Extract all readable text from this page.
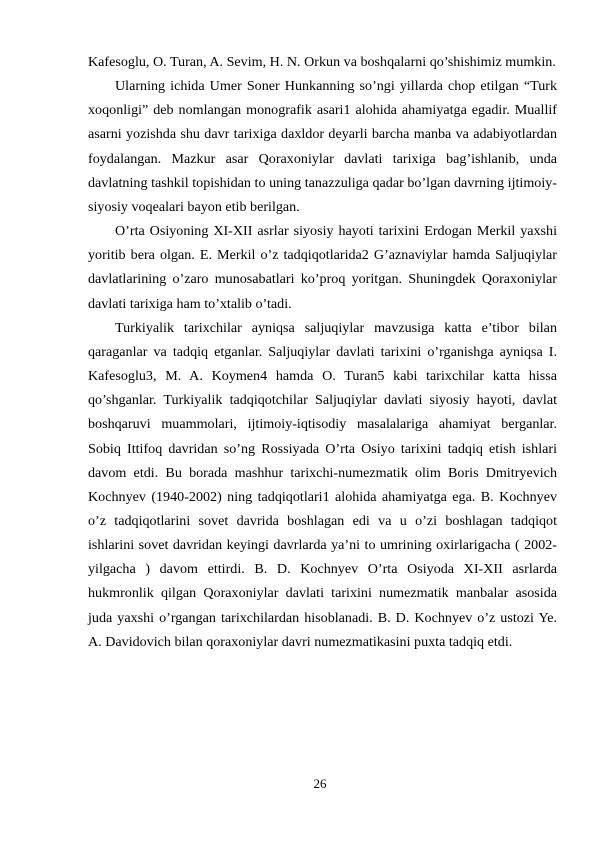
Kafesoglu, O. Turan, A. Sevim, H. N. Orkun va boshqalarni qo’shishimiz mumkin.

Ularning ichida Umer Soner Hunkanning so’ngi yillarda chop etilgan “Turk xoqonligi” deb nomlangan monografik asari1 alohida ahamiyatga egadir. Muallif asarni yozishda shu davr tarixiga daxldor deyarli barcha manba va adabiyotlardan foydalangan. Mazkur asar Qoraxoniylar davlati tarixiga bag’ishlanib, unda davlatning tashkil topishidan to uning tanazzuliga qadar bo’lgan davrning ijtimoiy-siyosiy voqealari bayon etib berilgan.

O’rta Osiyoning XI-XII asrlar siyosiy hayoti tarixini Erdogan Merkil yaxshi yoritib bera olgan. E. Merkil o’z tadqiqotlarida2 G’aznaviylar hamda Saljuqiylar davlatlarining o’zaro munosabatlari ko’proq yoritgan. Shuningdek Qoraxoniylar davlati tarixiga ham to’xtalib o’tadi.

Turkiyalik tarixchilar ayniqsa saljuqiylar mavzusiga katta e’tibor bilan qaraganlar va tadqiq etganlar. Saljuqiylar davlati tarixini o’rganishga ayniqsa I. Kafesoglu3, M. A. Koymen4 hamda O. Turan5 kabi tarixchilar katta hissa qo’shganlar. Turkiyalik tadqiqotchilar Saljuqiylar davlati siyosiy hayoti, davlat boshqaruvi muammolari, ijtimoiy-iqtisodiy masalalariga ahamiyat berganlar. Sobiq Ittifoq davridan so’ng Rossiyada O’rta Osiyo tarixini tadqiq etish ishlari davom etdi. Bu borada mashhur tarixchi-numezmatik olim Boris Dmitryevich Kochnyev (1940-2002) ning tadqiqotlari1 alohida ahamiyatga ega. B. Kochnyev o’z tadqiqotlarini sovet davrida boshlagan edi va u o’zi boshlagan tadqiqot ishlarini sovet davridan keyingi davrlarda ya’ni to umrining oxirlarigacha ( 2002-yilgacha ) davom ettirdi. B. D. Kochnyev O’rta Osiyoda XI-XII asrlarda hukmronlik qilgan Qoraxoniylar davlati tarixini numezmatik manbalar asosida juda yaxshi o’rgangan tarixchilardan hisoblanadi. B. D. Kochnyev o’z ustozi Ye. A. Davidovich bilan qoraxoniylar davri numezmatikasini puxta tadqiq etdi.

26
